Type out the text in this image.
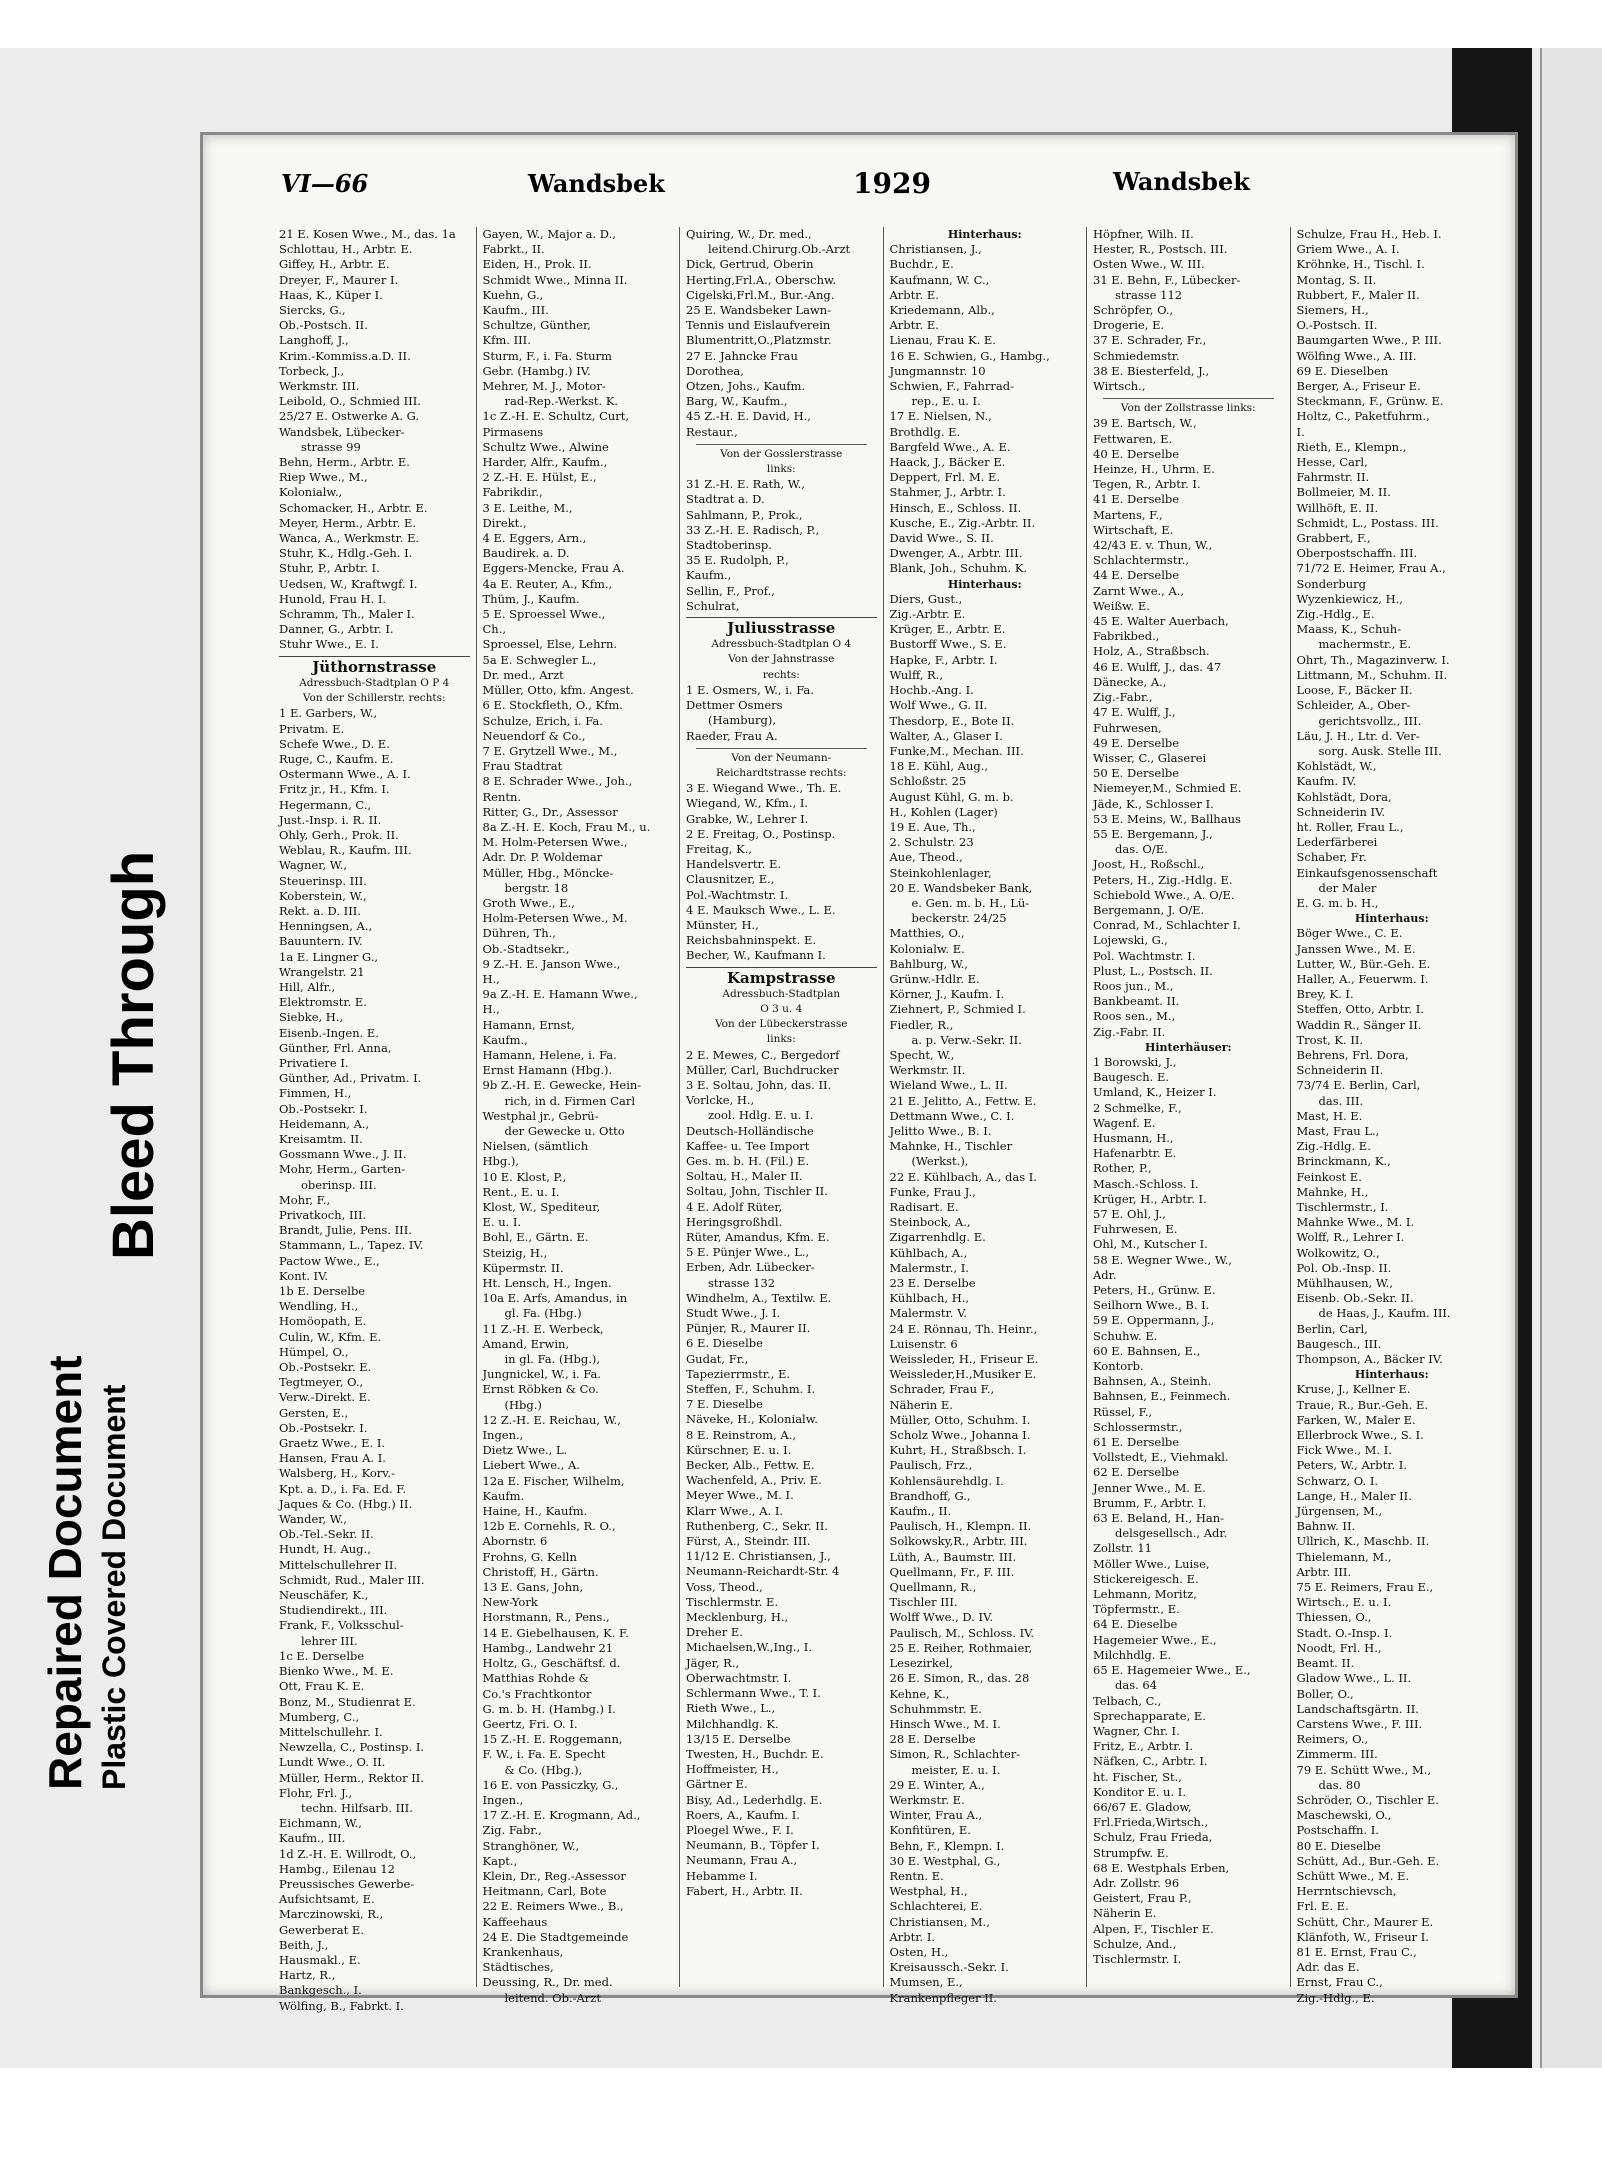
Repaired Document Plastic Covered Document
Bleed Through
VI—66	Wandsbek	1929	Wandsbek
21 E. Kosen Wwe., M., das. 1a
Schlottau, H., Arbtr. E.
Giffey, H., Arbtr. E.
Dreyer, F., Maurer I.
Haas, K., Küper I.
Siercks, G.,
Ob.-Postsch. II.
Langhoff, J.,
Krim.-Kommiss.a.D. II.
Torbeck, J.,
Werkmstr. III.
Leibold, O., Schmied III.
25/27 E. Ostwerke A. G.
Wandsbek, Lübecker-
strasse 99
Behn, Herm., Arbtr. E.
Riep Wwe., M.,
Kolonialw.,
Schomacker, H., Arbtr. E.
Meyer, Herm., Arbtr. E.
Wanca, A., Werkmstr. E.
Stuhr, K., Hdlg.-Geh. I.
Stuhr, P., Arbtr. I.
Uedsen, W., Kraftwgf. I.
Hunold, Frau H. I.
Schramm, Th., Maler I.
Danner, G., Arbtr. I.
Stuhr Wwe., E. I.
Jüthornstrasse
Adressbuch-Stadtplan O P 4
Von der Schillerstr. rechts:
1 E. Garbers, W.,
Privatm. E.
Schefe Wwe., D. E.
Ruge, C., Kaufm. E.
Ostermann Wwe., A. I.
Fritz jr., H., Kfm. I.
Hegermann, C.,
Just.-Insp. i. R. II.
Ohly, Gerh., Prok. II.
Weblau, R., Kaufm. III.
Wagner, W.,
Steuerinsp. III.
Koberstein, W.,
Rekt. a. D. III.
Henningsen, A.,
Bauuntern. IV.
1a E. Lingner G.,
Wrangelstr. 21
Hill, Alfr.,
Elektromstr. E.
Siebke, H.,
Eisenb.-Ingen. E.
Günther, Frl. Anna,
Privatiere I.
Günther, Ad., Privatm. I.
Fimmen, H.,
Ob.-Postsekr. I.
Heidemann, A.,
Kreisamtm. II.
Gossmann Wwe., J. II.
Mohr, Herm., Garten-
oberinsp. III.
Mohr, F.,
Privatkoch, III.
Brandt, Julie, Pens. III.
Stammann, L., Tapez. IV.
Pactow Wwe., E.,
Kont. IV.
1b E. Derselbe
Wendling, H.,
Homöopath, E.
Culin, W., Kfm. E.
Hümpel, O.,
Ob.-Postsekr. E.
Tegtmeyer, O.,
Verw.-Direkt. E.
Gersten, E.,
Ob.-Postsekr. I.
Graetz Wwe., E. I.
Hansen, Frau A. I.
Walsberg, H., Korv.-
Kpt. a. D., i. Fa. Ed. F.
Jaques & Co. (Hbg.) II.
Wander, W.,
Ob.-Tel.-Sekr. II.
Hundt, H. Aug.,
Mittelschullehrer II.
Schmidt, Rud., Maler III.
Neuschäfer, K.,
Studiendirekt., III.
Frank, F., Volksschul-
lehrer III.
1c E. Derselbe
Bienko Wwe., M. E.
Ott, Frau K. E.
Bonz, M., Studienrat E.
Mumberg, C.,
Mittelschullehr. I.
Newzella, C., Postinsp. I.
Lundt Wwe., O. II.
Müller, Herm., Rektor II.
Flohr, Frl. J.,
techn. Hilfsarb. III.
Eichmann, W.,
Kaufm., III.
1d Z.-H. E. Willrodt, O.,
Hambg., Eilenau 12
Preussisches Gewerbe-
Aufsichtsamt, E.
Marczinowski, R.,
Gewerberat E.
Beith, J.,
Hausmakl., E.
Hartz, R.,
Bankgesch., I.
Wölfing, B., Fabrkt. I.
Gayen, W., Major a. D.,
Fabrkt., II.
Eiden, H., Prok. II.
Schmidt Wwe., Minna II.
Kuehn, G.,
Kaufm., III.
Schultze, Günther,
Kfm. III.
Sturm, F., i. Fa. Sturm
Gebr. (Hambg.) IV.
Mehrer, M. J., Motor-
rad-Rep.-Werkst. K.
1c Z.-H. E. Schultz, Curt,
Pirmasens
Schultz Wwe., Alwine
Harder, Alfr., Kaufm.,
2 Z.-H. E. Hülst, E.,
Fabrikdir.,
3 E. Leithe, M.,
Direkt.,
4 E. Eggers, Arn.,
Baudirek. a. D.
Eggers-Mencke, Frau A.
4a E. Reuter, A., Kfm.,
Thüm, J., Kaufm.
5 E. Sproessel Wwe.,
Ch.,
Sproessel, Else, Lehrn.
5a E. Schwegler L.,
Dr. med., Arzt
Müller, Otto, kfm. Angest.
6 E. Stockfleth, O., Kfm.
Schulze, Erich, i. Fa.
Neuendorf & Co.,
7 E. Grytzell Wwe., M.,
Frau Stadtrat
8 E. Schrader Wwe., Joh.,
Rentn.
Ritter, G., Dr., Assessor
8a Z.-H. E. Koch, Frau M., u.
M. Holm-Petersen Wwe.,
Adr. Dr. P. Woldemar
Müller, Hbg., Möncke-
bergstr. 18
Groth Wwe., E.,
Holm-Petersen Wwe., M.
Dühren, Th.,
Ob.-Stadtsekr.,
9 Z.-H. E. Janson Wwe.,
H.,
9a Z.-H. E. Hamann Wwe.,
H.,
Hamann, Ernst,
Kaufm.,
Hamann, Helene, i. Fa.
Ernst Hamann (Hbg.).
9b Z.-H. E. Gewecke, Hein-
rich, in d. Firmen Carl
Westphal jr., Gebrü-
der Gewecke u. Otto
Nielsen, (sämtlich
Hbg.),
10 E. Klost, P.,
Rent., E. u. I.
Klost, W., Spediteur,
E. u. I.
Bohl, E., Gärtn. E.
Steizig, H.,
Küpermstr. II.
Ht. Lensch, H., Ingen.
10a E. Arfs, Amandus, in
gl. Fa. (Hbg.)
11 Z.-H. E. Werbeck,
Amand, Erwin,
in gl. Fa. (Hbg.),
Jungnickel, W., i. Fa.
Ernst Röbken & Co.
(Hbg.)
12 Z.-H. E. Reichau, W.,
Ingen.,
Dietz Wwe., L.
Liebert Wwe., A.
12a E. Fischer, Wilhelm,
Kaufm.
Haine, H., Kaufm.
12b E. Cornehls, R. O.,
Abornstr. 6
Frohns, G. Kelln
Christoff, H., Gärtn.
13 E. Gans, John,
New-York
Horstmann, R., Pens.,
14 E. Giebelhausen, K. F.
Hambg., Landwehr 21
Holtz, G., Geschäftsf. d.
Matthias Rohde &
Co.'s Frachtkontor
G. m. b. H. (Hambg.) I.
Geertz, Fri. O. I.
15 Z.-H. E. Roggemann,
F. W., i. Fa. E. Specht
& Co. (Hbg.),
16 E. von Passiczky, G.,
Ingen.,
17 Z.-H. E. Krogmann, Ad.,
Zig. Fabr.,
Stranghöner, W.,
Kapt.,
Klein, Dr., Reg.-Assessor
Heitmann, Carl, Bote
22 E. Reimers Wwe., B.,
Kaffeehaus
24 E. Die Stadtgemeinde
Krankenhaus,
Städtisches,
Deussing, R., Dr. med.
leitend. Ob.-Arzt
Quiring, W., Dr. med.,
leitend.Chirurg.Ob.-Arzt
Dick, Gertrud, Oberin
Herting,Frl.A., Oberschw.
Cigelski,Frl.M., Bur.-Ang.
25 E. Wandsbeker Lawn-
Tennis und Eislaufverein
Blumentritt,O.,Platzmstr.
27 E. Jahncke Frau
Dorothea,
Otzen, Johs., Kaufm.
Barg, W., Kaufm.,
45 Z.-H. E. David, H.,
Restaur.,
Von der Gosslerstrasse
links:
31 Z.-H. E. Rath, W.,
Stadtrat a. D.
Sahlmann, P., Prok.,
33 Z.-H. E. Radisch, P.,
Stadtoberinsp.
35 E. Rudolph, P.,
Kaufm.,
Sellin, F., Prof.,
Schulrat,
Juliusstrasse
Adressbuch-Stadtplan O 4
Von der Jahnstrasse
rechts:
1 E. Osmers, W., i. Fa.
Dettmer Osmers
(Hamburg),
Raeder, Frau A.
Von der Neumann-
Reichardtstrasse rechts:
3 E. Wiegand Wwe., Th. E.
Wiegand, W., Kfm., I.
Grabke, W., Lehrer I.
2 E. Freitag, O., Postinsp.
Freitag, K.,
Handelsvertr. E.
Clausnitzer, E.,
Pol.-Wachtmstr. I.
4 E. Mauksch Wwe., L. E.
Münster, H.,
Reichsbahninspekt. E.
Becher, W., Kaufmann I.
Kampstrasse
Adressbuch-Stadtplan
O 3 u. 4
Von der Lübeckerstrasse
links:
2 E. Mewes, C., Bergedorf
Müller, Carl, Buchdrucker
3 E. Soltau, John, das. II.
Vorlcke, H.,
zool. Hdlg. E. u. I.
Deutsch-Holländische
Kaffee- u. Tee Import
Ges. m. b. H. (Fil.) E.
Soltau, H., Maler II.
Soltau, John, Tischler II.
4 E. Adolf Rüter,
Heringsgroßhdl.
Rüter, Amandus, Kfm. E.
5 E. Pünjer Wwe., L.,
Erben, Adr. Lübecker-
strasse 132
Windhelm, A., Textilw. E.
Studt Wwe., J. I.
Pünjer, R., Maurer II.
6 E. Dieselbe
Gudat, Fr.,
Tapezierrmstr., E.
Steffen, F., Schuhm. I.
7 E. Dieselbe
Näveke, H., Kolonialw.
8 E. Reinstrom, A.,
Kürschner, E. u. I.
Becker, Alb., Fettw. E.
Wachenfeld, A., Priv. E.
Meyer Wwe., M. I.
Klarr Wwe., A. I.
Ruthenberg, C., Sekr. II.
Fürst, A., Steindr. III.
11/12 E. Christiansen, J.,
Neumann-Reichardt-Str. 4
Voss, Theod.,
Tischlermstr. E.
Mecklenburg, H.,
Dreher E.
Michaelsen,W.,Ing., I.
Jäger, R.,
Oberwachtmstr. I.
Schlermann Wwe., T. I.
Rieth Wwe., L.,
Milchhandlg. K.
13/15 E. Derselbe
Twesten, H., Buchdr. E.
Hoffmeister, H.,
Gärtner E.
Bisy, Ad., Lederhdlg. E.
Roers, A., Kaufm. I.
Ploegel Wwe., F. I.
Neumann, B., Töpfer I.
Neumann, Frau A.,
Hebamme I.
Fabert, H., Arbtr. II.
Hinterhaus:
Christiansen, J.,
Buchdr., E.
Kaufmann, W. C.,
Arbtr. E.
Kriedemann, Alb.,
Arbtr. E.
Lienau, Frau K. E.
16 E. Schwien, G., Hambg.,
Jungmannstr. 10
Schwien, F., Fahrrad-
rep., E. u. I.
17 E. Nielsen, N.,
Brothdlg. E.
Bargfeld Wwe., A. E.
Haack, J., Bäcker E.
Deppert, Frl. M. E.
Stahmer, J., Arbtr. I.
Hinsch, E., Schloss. II.
Kusche, E., Zig.-Arbtr. II.
David Wwe., S. II.
Dwenger, A., Arbtr. III.
Blank, Joh., Schuhm. K.
Hinterhaus:
Diers, Gust.,
Zig.-Arbtr. E.
Krüger, E., Arbtr. E.
Bustorff Wwe., S. E.
Hapke, F., Arbtr. I.
Wulff, R.,
Hochb.-Ang. I.
Wolf Wwe., G. II.
Thesdorp, E., Bote II.
Walter, A., Glaser I.
Funke,M., Mechan. III.
18 E. Kühl, Aug.,
Schloßstr. 25
August Kühl, G. m. b.
H., Kohlen (Lager)
19 E. Aue, Th.,
2. Schulstr. 23
Aue, Theod.,
Steinkohlenlager,
20 E. Wandsbeker Bank,
e. Gen. m. b. H., Lü-
beckerstr. 24/25
Matthies, O.,
Kolonialw. E.
Bahlburg, W.,
Grünw.-Hdlr. E.
Körner, J., Kaufm. I.
Ziehnert, P., Schmied I.
Fiedler, R.,
a. p. Verw.-Sekr. II.
Specht, W.,
Werkmstr. II.
Wieland Wwe., L. II.
21 E. Jelitto, A., Fettw. E.
Dettmann Wwe., C. I.
Jelitto Wwe., B. I.
Mahnke, H., Tischler
(Werkst.),
22 E. Kühlbach, A., das I.
Funke, Frau J.,
Radisart. E.
Steinbock, A.,
Zigarrenhdlg. E.
Kühlbach, A.,
Malermstr., I.
23 E. Derselbe
Kühlbach, H.,
Malermstr. V.
24 E. Rönnau, Th. Heinr.,
Luisenstr. 6
Weissleder, H., Friseur E.
Weissleder,H.,Musiker E.
Schrader, Frau F.,
Näherin E.
Müller, Otto, Schuhm. I.
Scholz Wwe., Johanna I.
Kuhrt, H., Straßbsch. I.
Paulisch, Frz.,
Kohlensäurehdlg. I.
Brandhoff, G.,
Kaufm., II.
Paulisch, H., Klempn. II.
Solkowsky,R., Arbtr. III.
Lüth, A., Baumstr. III.
Quellmann, Fr., F. III.
Quellmann, R.,
Tischler III.
Wolff Wwe., D. IV.
Paulisch, M., Schloss. IV.
25 E. Reiher, Rothmaier,
Lesezirkel,
26 E. Simon, R., das. 28
Kehne, K.,
Schuhmmstr. E.
Hinsch Wwe., M. I.
28 E. Derselbe
Simon, R., Schlachter-
meister, E. u. I.
29 E. Winter, A.,
Werkmstr. E.
Winter, Frau A.,
Konfitüren, E.
Behn, F., Klempn. I.
30 E. Westphal, G.,
Rentn. E.
Westphal, H.,
Schlachterei, E.
Christiansen, M.,
Arbtr. I.
Osten, H.,
Kreisaussch.-Sekr. I.
Mumsen, E.,
Krankenpfleger II.
Höpfner, Wilh. II.
Hester, R., Postsch. III.
Osten Wwe., W. III.
31 E. Behn, F., Lübecker-
strasse 112
Schröpfer, O.,
Drogerie, E.
37 E. Schrader, Fr.,
Schmiedemstr.
38 E. Biesterfeld, J.,
Wirtsch.,
Von der Zollstrasse links:
39 E. Bartsch, W.,
Fettwaren, E.
40 E. Derselbe
Heinze, H., Uhrm. E.
Tegen, R., Arbtr. I.
41 E. Derselbe
Martens, F.,
Wirtschaft, E.
42/43 E. v. Thun, W.,
Schlachtermstr.,
44 E. Derselbe
Zarnt Wwe., A.,
Weißw. E.
45 E. Walter Auerbach,
Fabrikbed.,
Holz, A., Straßbsch.
46 E. Wulff, J., das. 47
Dänecke, A.,
Zig.-Fabr.,
47 E. Wulff, J.,
Fuhrwesen,
49 E. Derselbe
Wisser, C., Glaserei
50 E. Derselbe
Niemeyer,M., Schmied E.
Jäde, K., Schlosser I.
53 E. Meins, W., Ballhaus
55 E. Bergemann, J.,
das. O/E.
Joost, H., Roßschl.,
Peters, H., Zig.-Hdlg. E.
Schiebold Wwe., A. O/E.
Bergemann, J. O/E.
Conrad, M., Schlachter I.
Lojewski, G.,
Pol. Wachtmstr. I.
Plust, L., Postsch. II.
Roos jun., M.,
Bankbeamt. II.
Roos sen., M.,
Zig.-Fabr. II.
Hinterhäuser:
1 Borowski, J.,
Baugesch. E.
Umland, K., Heizer I.
2 Schmelke, F.,
Wagenf. E.
Husmann, H.,
Hafenarbtr. E.
Rother, P.,
Masch.-Schloss. I.
Krüger, H., Arbtr. I.
57 E. Ohl, J.,
Fuhrwesen, E.
Ohl, M., Kutscher I.
58 E. Wegner Wwe., W.,
Adr.
Peters, H., Grünw. E.
Seilhorn Wwe., B. I.
59 E. Oppermann, J.,
Schuhw. E.
60 E. Bahnsen, E.,
Kontorb.
Bahnsen, A., Steinh.
Bahnsen, E., Feinmech.
Rüssel, F.,
Schlossermstr.,
61 E. Derselbe
Vollstedt, E., Viehmakl.
62 E. Derselbe
Jenner Wwe., M. E.
Brumm, F., Arbtr. I.
63 E. Beland, H., Han-
delsgesellsch., Adr.
Zollstr. 11
Möller Wwe., Luise,
Stickereigesch. E.
Lehmann, Moritz,
Töpfermstr., E.
64 E. Dieselbe
Hagemeier Wwe., E.,
Milchhdlg. E.
65 E. Hagemeier Wwe., E.,
das. 64
Telbach, C.,
Sprechapparate, E.
Wagner, Chr. I.
Fritz, E., Arbtr. I.
Näfken, C., Arbtr. I.
ht. Fischer, St.,
Konditor E. u. I.
66/67 E. Gladow,
Frl.Frieda,Wirtsch.,
Schulz, Frau Frieda,
Strumpfw. E.
68 E. Westphals Erben,
Adr. Zollstr. 96
Geistert, Frau P.,
Näherin E.
Alpen, F., Tischler E.
Schulze, And.,
Tischlermstr. I.
Schulze, Frau H., Heb. I.
Griem Wwe., A. I.
Kröhnke, H., Tischl. I.
Montag, S. II.
Rubbert, F., Maler II.
Siemers, H.,
O.-Postsch. II.
Baumgarten Wwe., P. III.
Wölfing Wwe., A. III.
69 E. Dieselben
Berger, A., Friseur E.
Steckmann, F., Grünw. E.
Holtz, C., Paketfuhrm.,
I.
Rieth, E., Klempn.,
Hesse, Carl,
Fahrmstr. II.
Bollmeier, M. II.
Willhöft, E. II.
Schmidt, L., Postass. III.
Grabbert, F.,
Oberpostschaffn. III.
71/72 E. Heimer, Frau A.,
Sonderburg
Wyzenkiewicz, H.,
Zig.-Hdlg., E.
Maass, K., Schuh-
machermstr., E.
Ohrt, Th., Magazinverw. I.
Littmann, M., Schuhm. II.
Loose, F., Bäcker II.
Schleider, A., Ober-
gerichtsvollz., III.
Läu, J. H., Ltr. d. Ver-
sorg. Ausk. Stelle III.
Kohlstädt, W.,
Kaufm. IV.
Kohlstädt, Dora,
Schneiderin IV.
ht. Roller, Frau L.,
Lederfärberei
Schaber, Fr.
Einkaufsgenossenschaft
der Maler
E. G. m. b. H.,
Hinterhaus:
Böger Wwe., C. E.
Janssen Wwe., M. E.
Lutter, W., Bür.-Geh. E.
Haller, A., Feuerwm. I.
Brey, K. I.
Steffen, Otto, Arbtr. I.
Waddin R., Sänger II.
Trost, K. II.
Behrens, Frl. Dora,
Schneiderin II.
73/74 E. Berlin, Carl,
das. III.
Mast, H. E.
Mast, Frau L.,
Zig.-Hdlg. E.
Brinckmann, K.,
Feinkost E.
Mahnke, H.,
Tischlermstr., I.
Mahnke Wwe., M. I.
Wolff, R., Lehrer I.
Wolkowitz, O.,
Pol. Ob.-Insp. II.
Mühlhausen, W.,
Eisenb. Ob.-Sekr. II.
de Haas, J., Kaufm. III.
Berlin, Carl,
Baugesch., III.
Thompson, A., Bäcker IV.
Hinterhaus:
Kruse, J., Kellner E.
Traue, R., Bur.-Geh. E.
Farken, W., Maler E.
Ellerbrock Wwe., S. I.
Fick Wwe., M. I.
Peters, W., Arbtr. I.
Schwarz, O. I.
Lange, H., Maler II.
Jürgensen, M.,
Bahnw. II.
Ullrich, K., Maschb. II.
Thielemann, M.,
Arbtr. III.
75 E. Reimers, Frau E.,
Wirtsch., E. u. I.
Thiessen, O.,
Stadt. O.-Insp. I.
Noodt, Frl. H.,
Beamt. II.
Gladow Wwe., L. II.
Boller, O.,
Landschaftsgärtn. II.
Carstens Wwe., F. III.
Reimers, O.,
Zimmerm. III.
79 E. Schütt Wwe., M.,
das. 80
Schröder, O., Tischler E.
Maschewski, O.,
Postschaffn. I.
80 E. Dieselbe
Schütt, Ad., Bur.-Geh. E.
Schütt Wwe., M. E.
Herrntschievsch,
Frl. E. E.
Schütt, Chr., Maurer E.
Klänfoth, W., Friseur I.
81 E. Ernst, Frau C.,
Adr. das E.
Ernst, Frau C.,
Zig.-Hdlg., E.
